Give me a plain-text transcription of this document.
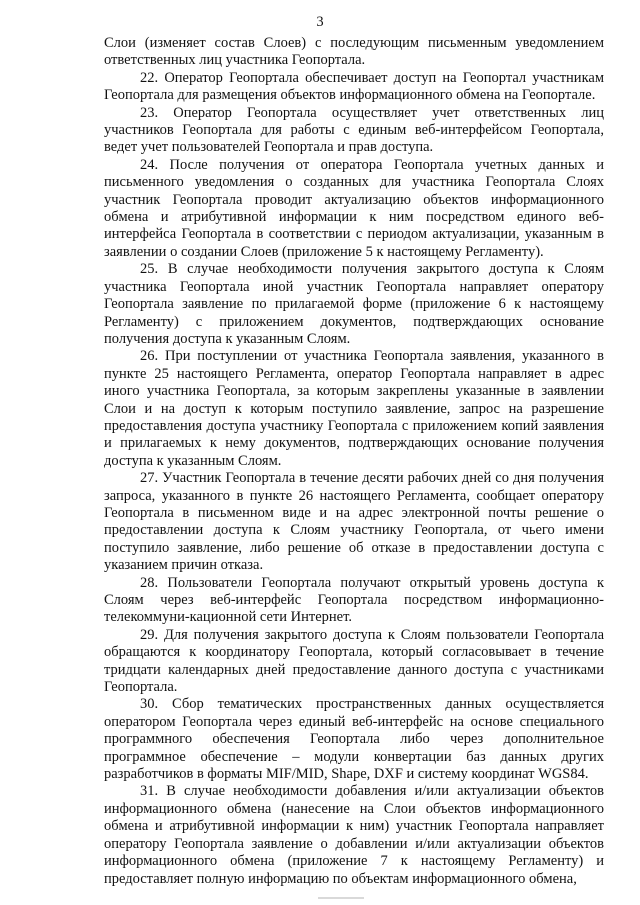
3

Слои (изменяет состав Слоев) с последующим письменным уведомлением ответственных лиц участника Геопортала.

22. Оператор Геопортала обеспечивает доступ на Геопортал участникам Геопортала для размещения объектов информационного обмена на Геопортале.

23. Оператор Геопортала осуществляет учет ответственных лиц участников Геопортала для работы с единым веб-интерфейсом Геопортала, ведет учет пользователей Геопортала и прав доступа.

24. После получения от оператора Геопортала учетных данных и письменного уведомления о созданных для участника Геопортала Слоях участник Геопортала проводит актуализацию объектов информационного обмена и атрибутивной информации к ним посредством единого веб-интерфейса Геопортала в соответствии с периодом актуализации, указанным в заявлении о создании Слоев (приложение 5 к настоящему Регламенту).

25. В случае необходимости получения закрытого доступа к Слоям участника Геопортала иной участник Геопортала направляет оператору Геопортала заявление по прилагаемой форме (приложение 6 к настоящему Регламенту) с приложением документов, подтверждающих основание получения доступа к указанным Слоям.

26. При поступлении от участника Геопортала заявления, указанного в пункте 25 настоящего Регламента, оператор Геопортала направляет в адрес иного участника Геопортала, за которым закреплены указанные в заявлении Слои и на доступ к которым поступило заявление, запрос на разрешение предоставления доступа участнику Геопортала с приложением копий заявления и прилагаемых к нему документов, подтверждающих основание получения доступа к указанным Слоям.

27. Участник Геопортала в течение десяти рабочих дней со дня получения запроса, указанного в пункте 26 настоящего Регламента, сообщает оператору Геопортала в письменном виде и на адрес электронной почты решение о предоставлении доступа к Слоям участнику Геопортала, от чьего имени поступило заявление, либо решение об отказе в предоставлении доступа с указанием причин отказа.

28. Пользователи Геопортала получают открытый уровень доступа к Слоям через веб-интерфейс Геопортала посредством информационно-телекоммуни-кационной сети Интернет.

29. Для получения закрытого доступа к Слоям пользователи Геопортала обращаются к координатору Геопортала, который согласовывает в течение тридцати календарных дней предоставление данного доступа с участниками Геопортала.

30. Сбор тематических пространственных данных осуществляется оператором Геопортала через единый веб-интерфейс на основе специального программного обеспечения Геопортала либо через дополнительное программное обеспечение – модули конвертации баз данных других разработчиков в форматы MIF/MID, Shape, DXF и систему координат WGS84.

31. В случае необходимости добавления и/или актуализации объектов информационного обмена (нанесение на Слои объектов информационного обмена и атрибутивной информации к ним) участник Геопортала направляет оператору Геопортала заявление о добавлении и/или актуализации объектов информационного обмена (приложение 7 к настоящему Регламенту) и предоставляет полную информацию по объектам информационного обмена,
